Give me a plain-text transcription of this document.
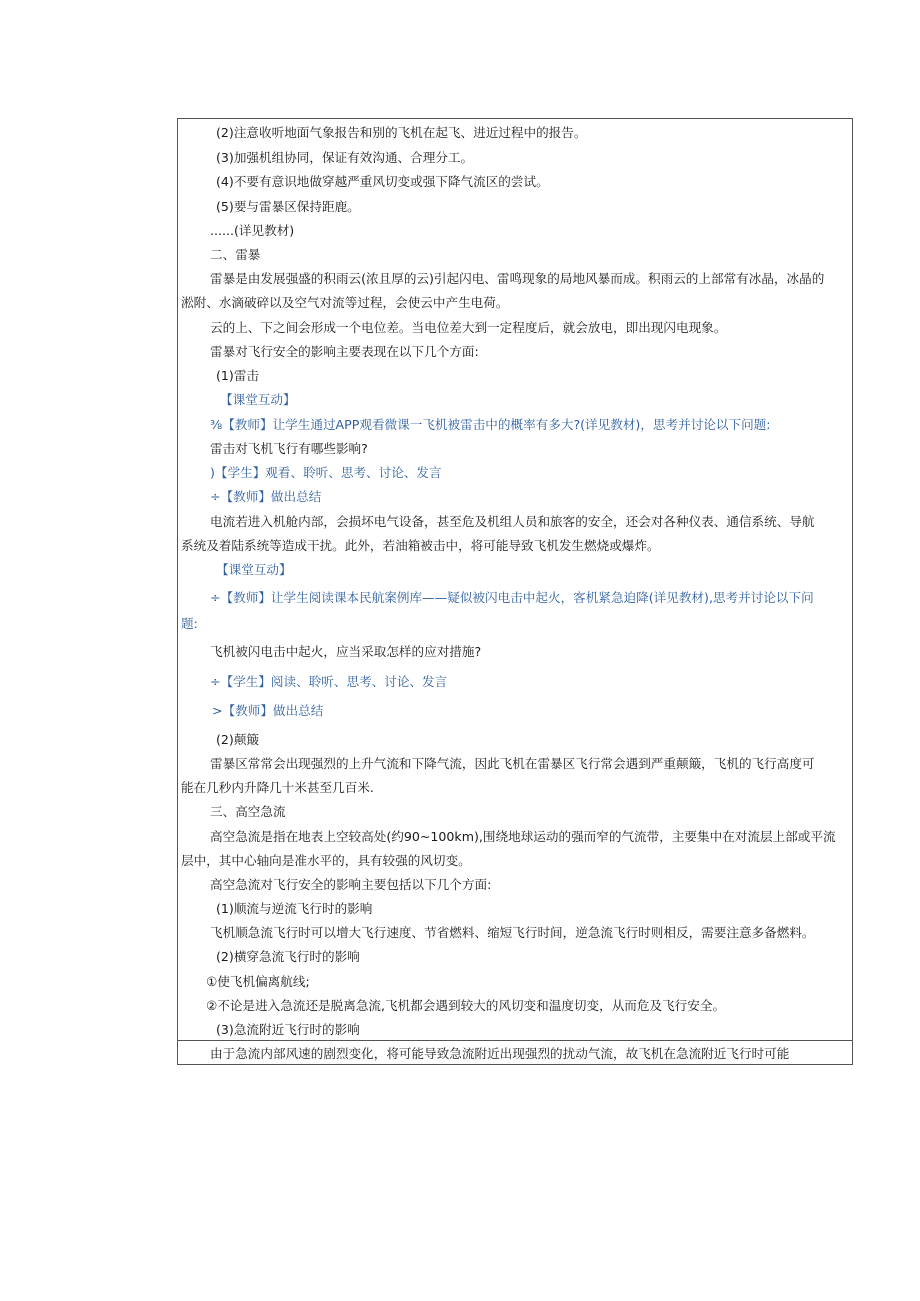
(2)注意收听地面气象报告和别的飞机在起飞、进近过程中的报告。
(3)加强机组协同，保证有效沟通、合理分工。
(4)不要有意识地做穿越严重风切变或强下降气流区的尝试。
(5)要与雷暴区保持距鹿。
......(详见教材)
二、雷暴
雷暴是由发展强盛的积雨云(浓且厚的云)引起闪电、雷鸣现象的局地风暴而成。积雨云的上部常有冰晶，冰晶的
淞附、水滴破碎以及空气对流等过程，会使云中产生电荷。
云的上、下之间会形成一个电位差。当电位差大到一定程度后，就会放电，即出现闪电现象。
雷暴对飞行安全的影响主要表现在以下几个方面:
(1)雷击
【课堂互动】
⅜【教师】让学生通过APP观看微课一飞机被雷击中的概率有多大?(详见教材)，思考并讨论以下问题:
雷击对飞机飞行有哪些影响?
)【学生】观看、聆听、思考、讨论、发言
÷【教师】做出总结
电流若进入机舱内部，会损坏电气设备，甚至危及机组人员和旅客的安全，还会对各种仪表、通信系统、导航
系统及着陆系统等造成干扰。此外，若油箱被击中，将可能导致飞机发生燃烧或爆炸。
【课堂互动】
÷【教师】让学生阅读课本民航案例库——疑似被闪电击中起火，客机紧急迫降(详见教材),思考并讨论以下问
题:
飞机被闪电击中起火，应当采取怎样的应对措施?
÷【学生】阅读、聆听、思考、讨论、发言
>【教师】做出总结
(2)颠簸
雷暴区常常会出现强烈的上升气流和下降气流，因此飞机在雷暴区飞行常会遇到严重颠簸，飞机的飞行高度可
能在几秒内升降几十米甚至几百米.
三、高空急流
高空急流是指在地表上空较高处(约90~100km),围绕地球运动的强而窄的气流带，主要集中在对流层上部或平流
层中，其中心轴向是准水平的，具有较强的风切变。
高空急流对飞行安全的影响主要包括以下几个方面:
(1)顺流与逆流飞行时的影响
飞机顺急流飞行时可以增大飞行速度、节省燃料、缩短飞行时间，逆急流飞行时则相反，需要注意多备燃料。
(2)横穿急流飞行时的影响
①使飞机偏离航线;
②不论是进入急流还是脱离急流,飞机都会遇到较大的风切变和温度切变，从而危及飞行安全。
(3)急流附近飞行时的影响
由于急流内部风速的剧烈变化，将可能导致急流附近出现强烈的扰动气流，故飞机在急流附近飞行时可能
